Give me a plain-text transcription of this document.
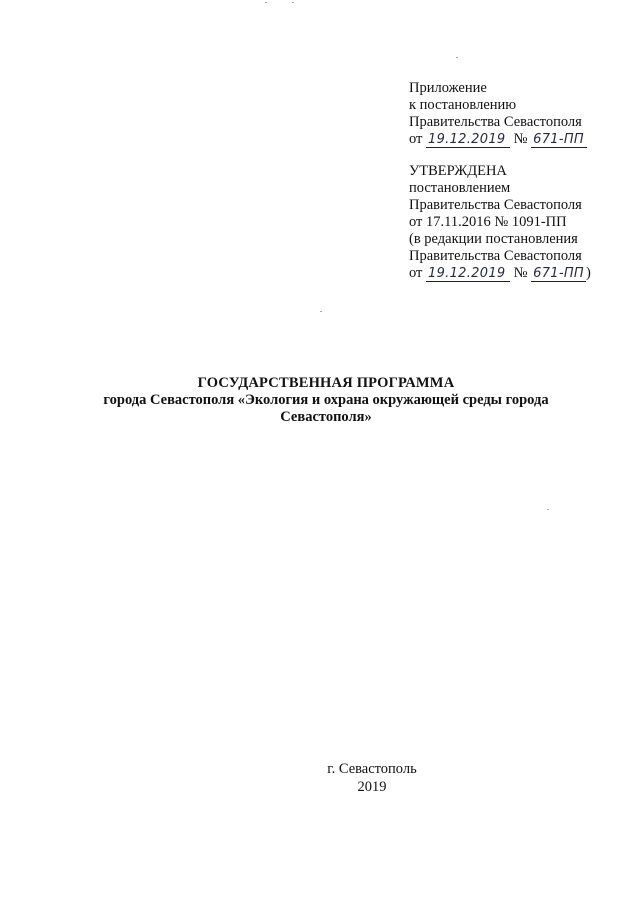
Приложение
к постановлению
Правительства Севастополя
от 19.12.2019 № 671-ПП
УТВЕРЖДЕНА
постановлением
Правительства Севастополя
от 17.11.2016 № 1091-ПП
(в редакции постановления
Правительства Севастополя
от 19.12.2019 № 671-ПП )
ГОСУДАРСТВЕННАЯ ПРОГРАММА
города Севастополя «Экология и охрана окружающей среды города Севастополя»
г. Севастополь
2019
